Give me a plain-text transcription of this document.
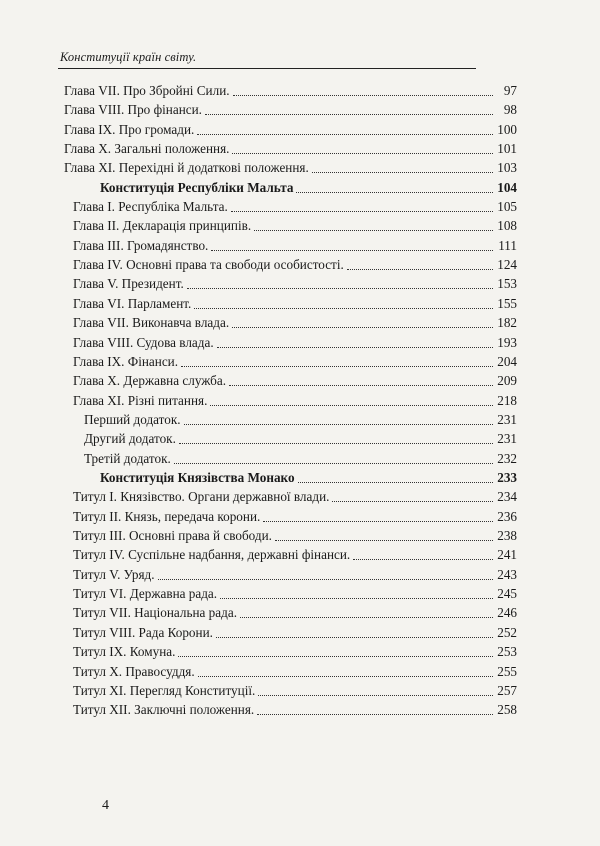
Конституції країн світу.
Глава VII. Про Збройні Сили.	97
Глава VIII. Про фінанси.	98
Глава IX. Про громади.	100
Глава X. Загальні положення.	101
Глава XI. Перехідні й додаткові положення.	103
Конституція Республіки Мальта	104
Глава I. Республіка Мальта.	105
Глава II. Декларація принципів.	108
Глава III. Громадянство.	111
Глава IV. Основні права та свободи особистості.	124
Глава V. Президент.	153
Глава VI. Парламент.	155
Глава VII. Виконавча влада.	182
Глава VIII. Судова влада.	193
Глава IX. Фінанси.	204
Глава X. Державна служба.	209
Глава XI. Різні питання.	218
Перший додаток.	231
Другий додаток.	231
Третій додаток.	232
Конституція Князівства Монако	233
Титул I. Князівство. Органи державної влади.	234
Титул II. Князь, передача корони.	236
Титул III. Основні права й свободи.	238
Титул IV. Суспільне надбання, державні фінанси.	241
Титул V. Уряд.	243
Титул VI. Державна рада.	245
Титул VII. Національна рада.	246
Титул VIII. Рада Корони.	252
Титул IX. Комуна.	253
Титул X. Правосуддя.	255
Титул XI. Перегляд Конституції.	257
Титул XII. Заключні положення.	258
4
